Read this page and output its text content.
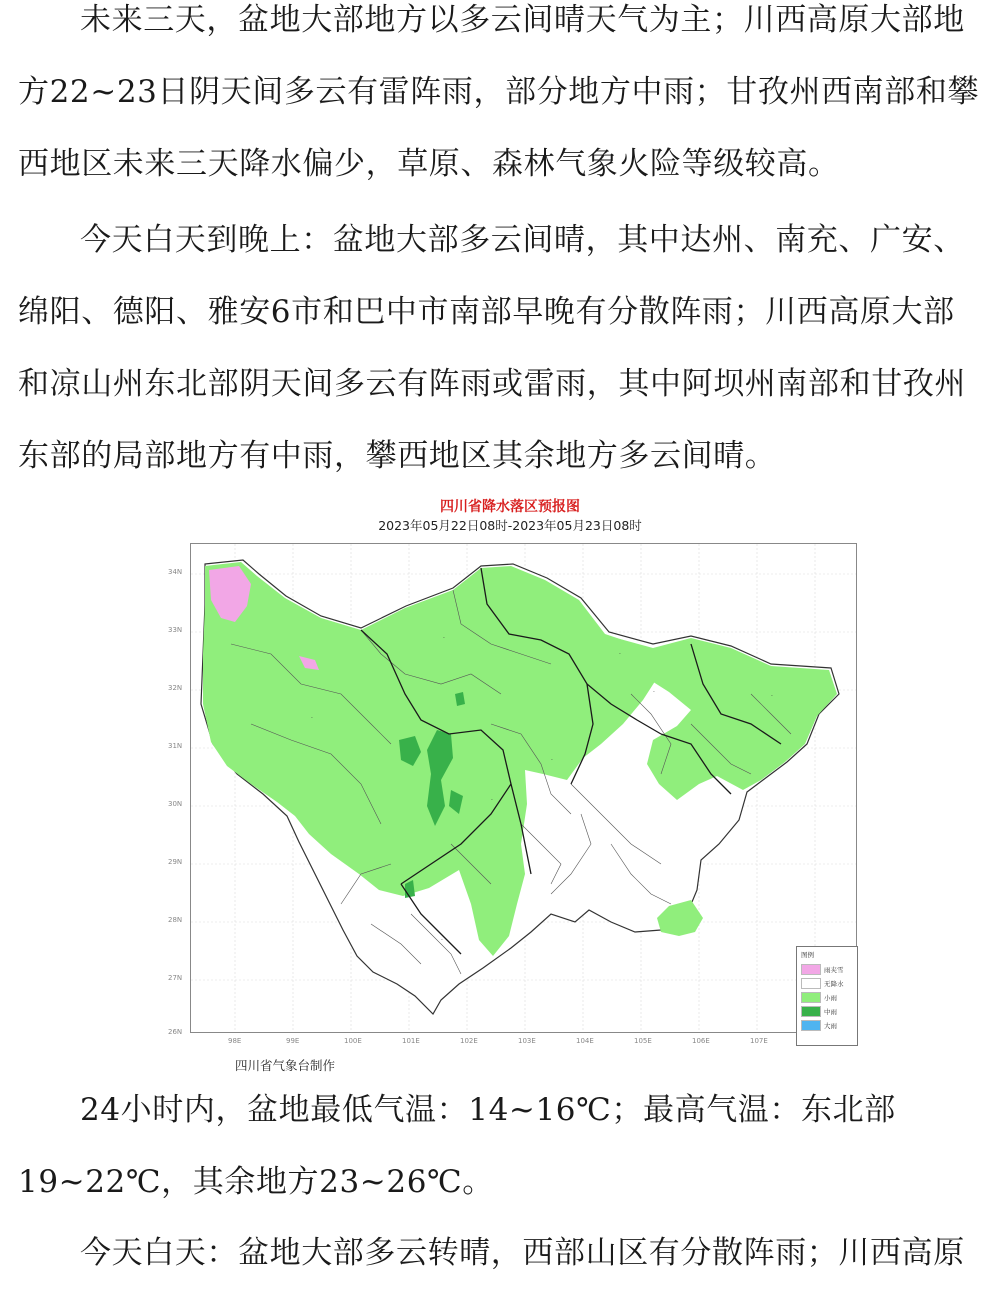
未来三天，盆地大部地方以多云间晴天气为主；川西高原大部地方22~23日阴天间多云有雷阵雨，部分地方中雨；甘孜州西南部和攀西地区未来三天降水偏少，草原、森林气象火险等级较高。

今天白天到晚上：盆地大部多云间晴，其中达州、南充、广安、绵阳、德阳、雅安6市和巴中市南部早晚有分散阵雨；川西高原大部和凉山州东北部阴天间多云有阵雨或雷雨，其中阿坝州南部和甘孜州东部的局部地方有中雨，攀西地区其余地方多云间晴。

四川省降水落区预报图
2023年05月22日08时-2023年05月23日08时
34N
33N
32N
31N
30N
29N
28N
27N
26N
98E	99E	100E	101E	102E	103E	104E	105E	106E	107E
·
·
·
·
·
·
·
·
四川省气象台制作
图例
雨夹雪
无降水
小雨
中雨
大雨

24小时内，盆地最低气温：14~16℃；最高气温：东北部19~22℃，其余地方23~26℃。

今天白天：盆地大部多云转晴，西部山区有分散阵雨；川西高原
